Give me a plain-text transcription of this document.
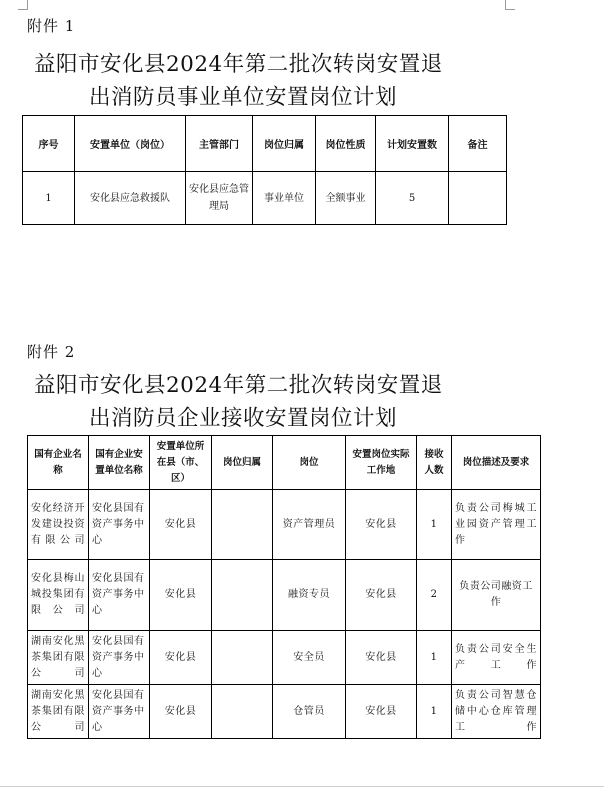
附件 1
益阳市安化县2024年第二批次转岗安置退
出消防员事业单位安置岗位计划
序号	安置单位（岗位）	主管部门	岗位归属	岗位性质	计划安置数	备注
1	安化县应急救援队	安化县应急管理局	事业单位	全额事业	5	
附件 2
益阳市安化县2024年第二批次转岗安置退
出消防员企业接收安置岗位计划
国有企业名称	国有企业安置单位名称	安置单位所在县（市、区）	岗位归属	岗位	安置岗位实际工作地	接收人数	岗位描述及要求
安化经济开发建设投资有限公司	安化县国有资产事务中心	安化县		资产管理员	安化县	1	负责公司梅城工业园资产管理工作
安化县梅山城投集团有限公司	安化县国有资产事务中心	安化县		融资专员	安化县	2	负责公司融资工作
湖南安化黑茶集团有限公司	安化县国有资产事务中心	安化县		安全员	安化县	1	负责公司安全生产工作
湖南安化黑茶集团有限公司	安化县国有资产事务中心	安化县		仓管员	安化县	1	负责公司智慧仓储中心仓库管理工作
